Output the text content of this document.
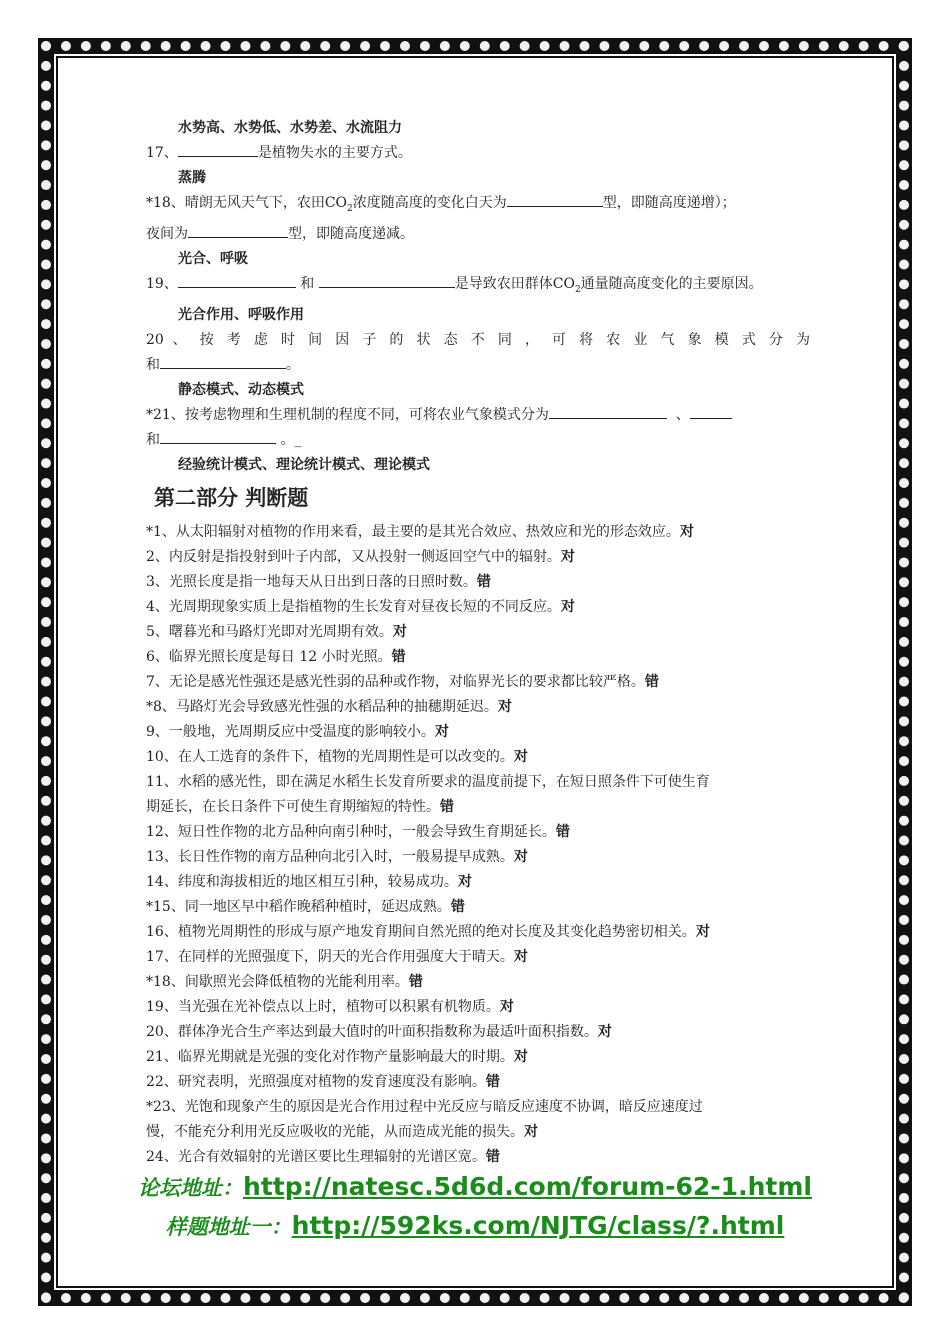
水势高、水势低、水势差、水流阻力
17、	是植物失水的主要方式。
蒸腾
*18、晴朗无风天气下，农田$CO_2$浓度随高度的变化白天为	型，即随高度递增）；
夜间为	型，即随高度递减。
光合、呼吸
19、	和	是导致农田群体$CO_2$通量随高度变化的主要原因。
光合作用、呼吸作用
20 、 按 考 虑 时 间 因 子 的 状 态 不 同 ， 可 将 农 业 气 象 模 式 分 为
和	。
静态模式、动态模式
*21、按考虑物理和生理机制的程度不同，可将农业气象模式分为	、
和	。_
经验统计模式、理论统计模式、理论模式
第二部分 判断题
*1、从太阳辐射对植物的作用来看，最主要的是其光合效应、热效应和光的形态效应。对
2、内反射是指投射到叶子内部，又从投射一侧返回空气中的辐射。对
3、光照长度是指一地每天从日出到日落的日照时数。错
4、光周期现象实质上是指植物的生长发育对昼夜长短的不同反应。对
5、曙暮光和马路灯光即对光周期有效。对
6、临界光照长度是每日 12 小时光照。错
7、无论是感光性强还是感光性弱的品种或作物，对临界光长的要求都比较严格。错
*8、马路灯光会导致感光性强的水稻品种的抽穗期延迟。对
9、一般地，光周期反应中受温度的影响较小。对
10、在人工选育的条件下，植物的光周期性是可以改变的。对
11、水稻的感光性，即在满足水稻生长发育所要求的温度前提下，在短日照条件下可使生育
期延长，在长日条件下可使生育期缩短的特性。错
12、短日性作物的北方品种向南引种时，一般会导致生育期延长。错
13、长日性作物的南方品种向北引入时，一般易提早成熟。对
14、纬度和海拔相近的地区相互引种，较易成功。对
*15、同一地区早中稻作晚稻种植时，延迟成熟。错
16、植物光周期性的形成与原产地发育期间自然光照的绝对长度及其变化趋势密切相关。对
17、在同样的光照强度下，阴天的光合作用强度大于晴天。对
*18、间歇照光会降低植物的光能利用率。错
19、当光强在光补偿点以上时，植物可以积累有机物质。对
20、群体净光合生产率达到最大值时的叶面积指数称为最适叶面积指数。对
21、临界光期就是光强的变化对作物产量影响最大的时期。对
22、研究表明，光照强度对植物的发育速度没有影响。错
*23、光饱和现象产生的原因是光合作用过程中光反应与暗反应速度不协调，暗反应速度过
慢，不能充分利用光反应吸收的光能，从而造成光能的损失。对
24、光合有效辐射的光谱区要比生理辐射的光谱区宽。错
论坛地址：http://natesc.5d6d.com/forum-62-1.html
样题地址一：http://592ks.com/NJTG/class/?.html
